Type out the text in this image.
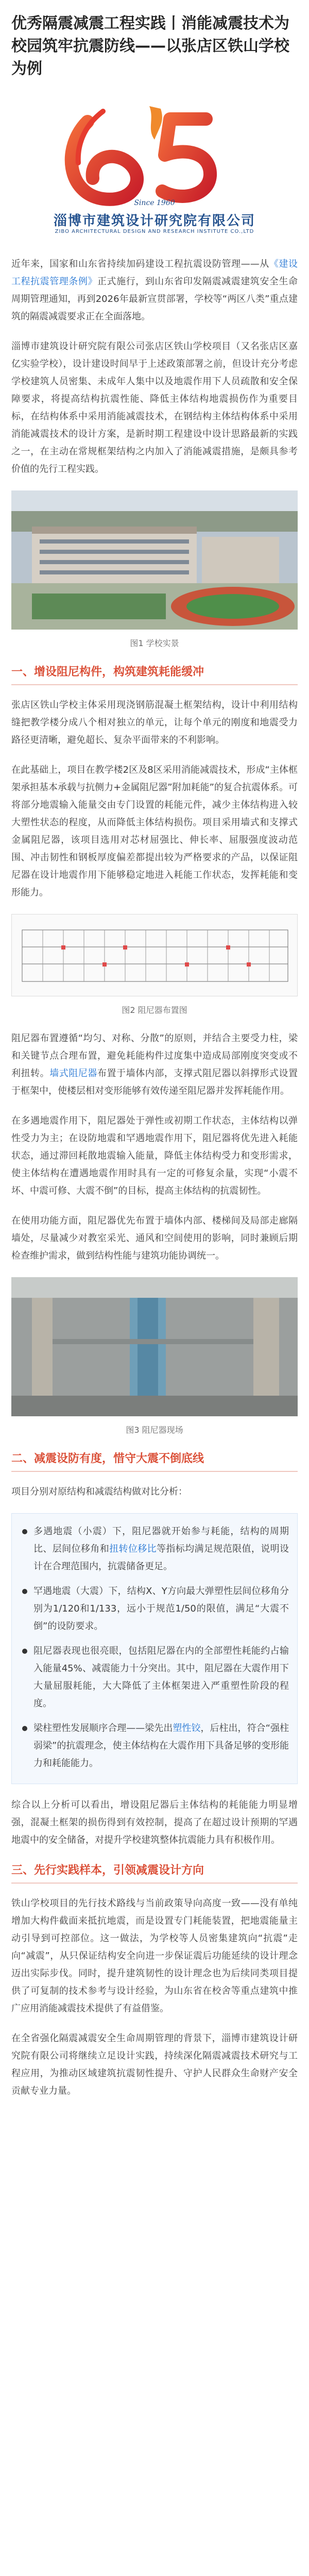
优秀隔震减震工程实践丨消能减震技术为校园筑牢抗震防线——以张店区铁山学校为例
Since 1960
淄博市建筑设计研究院有限公司
ZIBO ARCHITECTURAL DESIGN AND RESEARCH INSTITUTE CO.,LTD

近年来，国家和山东省持续加码建设工程抗震设防管理——从《建设工程抗震管理条例》正式施行，到山东省印发隔震减震建筑安全生命周期管理通知，再到2026年最新宣贯部署，学校等“两区八类”重点建筑的隔震减震要求正在全面落地。

淄博市建筑设计研究院有限公司张店区铁山学校项目（又名张店区嘉亿实验学校），设计建设时间早于上述政策部署之前，但设计充分考虑学校建筑人员密集、未成年人集中以及地震作用下人员疏散和安全保障要求，将提高结构抗震性能、降低主体结构地震损伤作为重要目标，在结构体系中采用消能减震技术，在钢结构主体结构体系中采用消能减震技术的设计方案，是新时期工程建设中设计思路最新的实践之一，在主动在常规框架结构之内加入了消能减震措施，是颇具参考价值的先行工程实践。

图1 学校实景
一、增设阻尼构件，构筑建筑耗能缓冲

张店区铁山学校主体采用现浇钢筋混凝土框架结构，设计中利用结构缝把教学楼分成八个相对独立的单元，让每个单元的刚度和地震受力路径更清晰，避免超长、复杂平面带来的不利影响。

在此基础上，项目在教学楼2区及8区采用消能减震技术，形成“主体框架承担基本承载与抗侧力+金属阻尼器”附加耗能”的复合抗震体系。可将部分地震输入能量交由专门设置的耗能元件，减少主体结构进入较大塑性状态的程度，从而降低主体结构损伤。项目采用墙式和支撑式金属阻尼器，该项目选用对芯材屈强比、伸长率、屈服强度波动范围、冲击韧性和钢板厚度偏差都提出较为严格要求的产品，以保证阻尼器在设计地震作用下能够稳定地进入耗能工作状态，发挥耗能和变形能力。

图2 阻尼器布置图

阻尼器布置遵循“均匀、对称、分散”的原则，并结合主要受力柱，梁和关键节点合理布置，避免耗能构件过度集中造成局部刚度突变或不利扭转。墙式阻尼器布置于墙体内部，支撑式阻尼器以斜撑形式设置于框架中，使楼层相对变形能够有效传递至阻尼器并发挥耗能作用。

在多遇地震作用下，阻尼器处于弹性或初期工作状态，主体结构以弹性受力为主；在设防地震和罕遇地震作用下，阻尼器将优先进入耗能状态，通过滞回耗散地震输入能量，降低主体结构受力和变形需求，使主体结构在遭遇地震作用时具有一定的可修复余量，实现“小震不坏、中震可修、大震不倒”的目标，提高主体结构的抗震韧性。

在使用功能方面，阻尼器优先布置于墙体内部、楼梯间及局部走廊隔墙处，尽量减少对教室采光、通风和空间使用的影响，同时兼顾后期检查维护需求，做到结构性能与建筑功能协调统一。

图3 阻尼器现场
二、减震设防有度，惜守大震不倒底线

项目分别对原结构和减震结构做对比分析：

多遇地震（小震）下，阻尼器就开始参与耗能，结构的周期比、层间位移角和扭转位移比等指标均满足规范限值，说明设计在合理范围内，抗震储备更足。
罕遇地震（大震）下，结构X、Y方向最大弹塑性层间位移角分别为1/120和1/133，远小于规范1/50的限值，满足“大震不倒”的设防要求。
阻尼器表现也很亮眼，包括阻尼器在内的全部塑性耗能约占输入能量45%、减震能力十分突出。其中，阻尼器在大震作用下大量屈服耗能，大大降低了主体框架进入严重塑性阶段的程度。
梁柱塑性发展顺序合理——梁先出塑性铰，后柱出，符合“强柱弱梁”的抗震理念，使主体结构在大震作用下具备足够的变形能力和耗能能力。

综合以上分析可以看出，增设阻尼器后主体结构的耗能能力明显增强，混凝土框架的损伤得到有效控制，提高了在超过设计预期的罕遇地震中的安全储备，对提升学校建筑整体抗震能力具有积极作用。

三、先行实践样本，引领减震设计方向

铁山学校项目的先行技术路线与当前政策导向高度一致——没有单纯增加大构件截面来抵抗地震，而是设置专门耗能装置，把地震能量主动引导到可控部位。这一做法，为学校等人员密集建筑向“抗震”走向“减震”，从只保证结构安全向进一步保证震后功能延续的设计理念迈出实际步伐。同时，提升建筑韧性的设计理念也为后续同类项目提供了可复制的技术参考与设计经验，为山东省在校舍等重点建筑中推广应用消能减震技术提供了有益借鉴。

在全省强化隔震减震安全生命周期管理的背景下，淄博市建筑设计研究院有限公司将继续立足设计实践，持续深化隔震减震技术研究与工程应用，为推动区域建筑抗震韧性提升、守护人民群众生命财产安全贡献专业力量。
